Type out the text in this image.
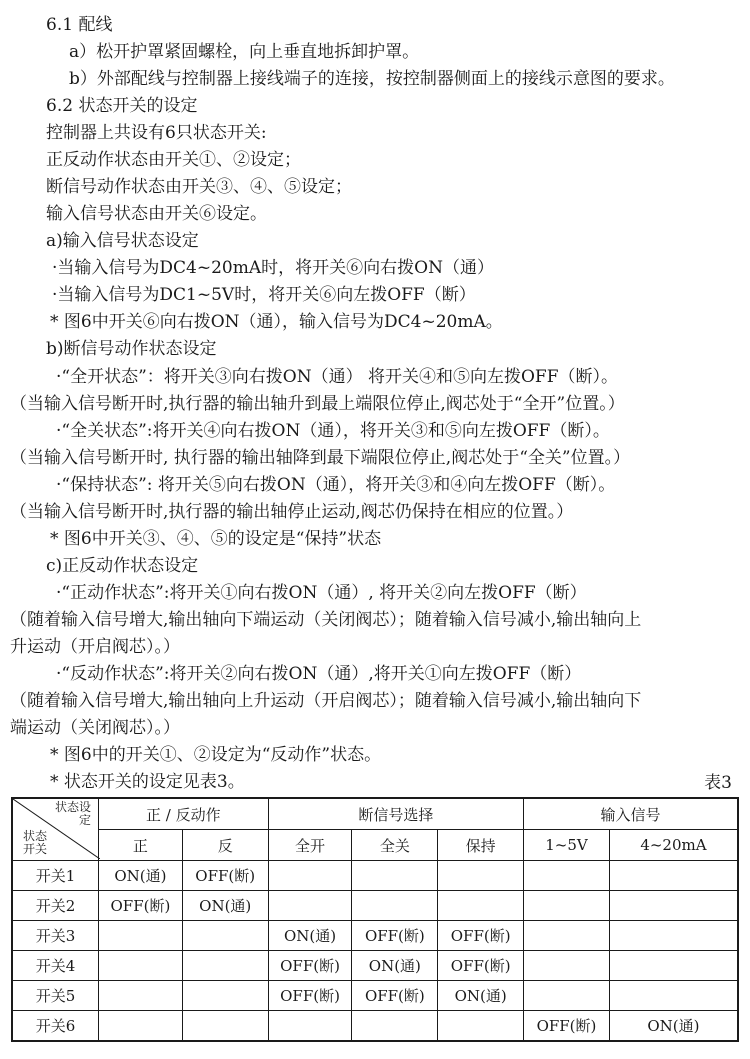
6.1 配线
a）松开护罩紧固螺栓，向上垂直地拆卸护罩。
b）外部配线与控制器上接线端子的连接，按控制器侧面上的接线示意图的要求。
6.2 状态开关的设定
控制器上共设有6只状态开关:
正反动作状态由开关①、②设定；
断信号动作状态由开关③、④、⑤设定；
输入信号状态由开关⑥设定。
a)输入信号状态设定
·当输入信号为DC4~20mA时，将开关⑥向右拨ON（通）
·当输入信号为DC1~5V时，将开关⑥向左拨OFF（断）
* 图6中开关⑥向右拨ON（通），输入信号为DC4~20mA。
b)断信号动作状态设定
·“全开状态”：将开关③向右拨ON（通） 将开关④和⑤向左拨OFF（断）。
（当输入信号断开时,执行器的输出轴升到最上端限位停止,阀芯处于“全开”位置。）
·“全关状态”:将开关④向右拨ON（通），将开关③和⑤向左拨OFF（断）。
（当输入信号断开时, 执行器的输出轴降到最下端限位停止,阀芯处于“全关”位置。）
·“保持状态”: 将开关⑤向右拨ON（通），将开关③和④向左拨OFF（断）。
（当输入信号断开时,执行器的输出轴停止运动,阀芯仍保持在相应的位置。）
* 图6中开关③、④、⑤的设定是“保持”状态
c)正反动作状态设定
·“正动作状态”:将开关①向右拨ON（通）, 将开关②向左拨OFF（断）
（随着输入信号增大,输出轴向下端运动（关闭阀芯）；随着输入信号减小,输出轴向上
升运动（开启阀芯）。）
·“反动作状态”:将开关②向右拨ON（通）,将开关①向左拨OFF（断）
（随着输入信号增大,输出轴向上升运动（开启阀芯）；随着输入信号减小,输出轴向下
端运动（关闭阀芯）。）
* 图6中的开关①、②设定为“反动作”状态。
* 状态开关的设定见表3。	表3
状态设定
状态开关	正 / 反动作		断信号选择			输入信号	
	正	反	全开	全关	保持	1~5V	4~20mA
开关1	ON(通)	OFF(断)					
开关2	OFF(断)	ON(通)					
开关3			ON(通)	OFF(断)	OFF(断)		
开关4			OFF(断)	ON(通)	OFF(断)		
开关5			OFF(断)	OFF(断)	ON(通)		
开关6						OFF(断)	ON(通)
